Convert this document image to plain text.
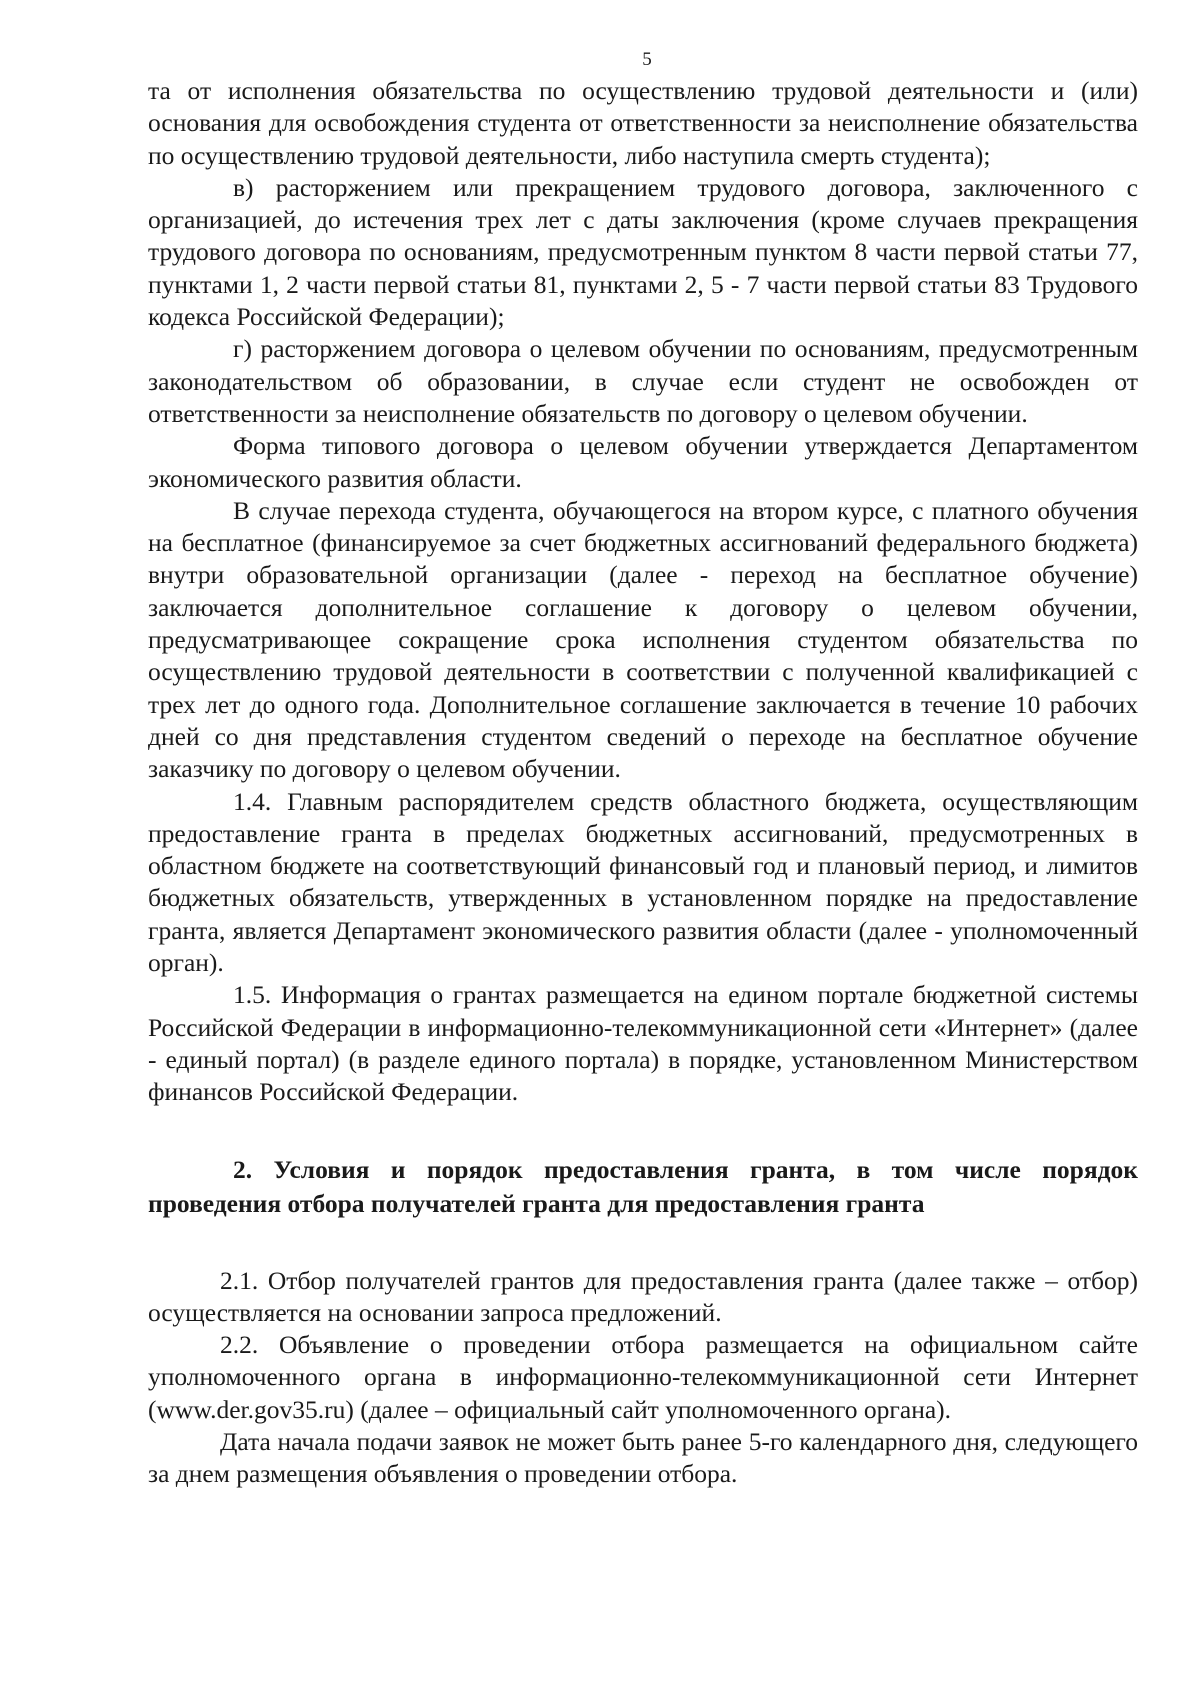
5

та от исполнения обязательства по осуществлению трудовой деятельности и (или) основания для освобождения студента от ответственности за неисполнение обязательства по осуществлению трудовой деятельности, либо наступила смерть студента);

в) расторжением или прекращением трудового договора, заключенного с организацией, до истечения трех лет с даты заключения (кроме случаев прекращения трудового договора по основаниям, предусмотренным пунктом 8 части первой статьи 77, пунктами 1, 2 части первой статьи 81, пунктами 2, 5 - 7 части первой статьи 83 Трудового кодекса Российской Федерации);

г) расторжением договора о целевом обучении по основаниям, предусмотренным законодательством об образовании, в случае если студент не освобожден от ответственности за неисполнение обязательств по договору о целевом обучении.

Форма типового договора о целевом обучении утверждается Департаментом экономического развития области.

В случае перехода студента, обучающегося на втором курсе, с платного обучения на бесплатное (финансируемое за счет бюджетных ассигнований федерального бюджета) внутри образовательной организации (далее - переход на бесплатное обучение) заключается дополнительное соглашение к договору о целевом обучении, предусматривающее сокращение срока исполнения студентом обязательства по осуществлению трудовой деятельности в соответствии с полученной квалификацией с трех лет до одного года. Дополнительное соглашение заключается в течение 10 рабочих дней со дня представления студентом сведений о переходе на бесплатное обучение заказчику по договору о целевом обучении.

1.4. Главным распорядителем средств областного бюджета, осуществляющим предоставление гранта в пределах бюджетных ассигнований, предусмотренных в областном бюджете на соответствующий финансовый год и плановый период, и лимитов бюджетных обязательств, утвержденных в установленном порядке на предоставление гранта, является Департамент экономического развития области (далее - уполномоченный орган).

1.5. Информация о грантах размещается на едином портале бюджетной системы Российской Федерации в информационно-телекоммуникационной сети «Интернет» (далее - единый портал) (в разделе единого портала) в порядке, установленном Министерством финансов Российской Федерации.

2. Условия и порядок предоставления гранта, в том числе порядок проведения отбора получателей гранта для предоставления гранта

2.1. Отбор получателей грантов для предоставления гранта (далее также – отбор) осуществляется на основании запроса предложений.

2.2. Объявление о проведении отбора размещается на официальном сайте уполномоченного органа в информационно-телекоммуникационной сети Интернет (www.der.gov35.ru) (далее – официальный сайт уполномоченного органа).

Дата начала подачи заявок не может быть ранее 5-го календарного дня, следующего за днем размещения объявления о проведении отбора.
